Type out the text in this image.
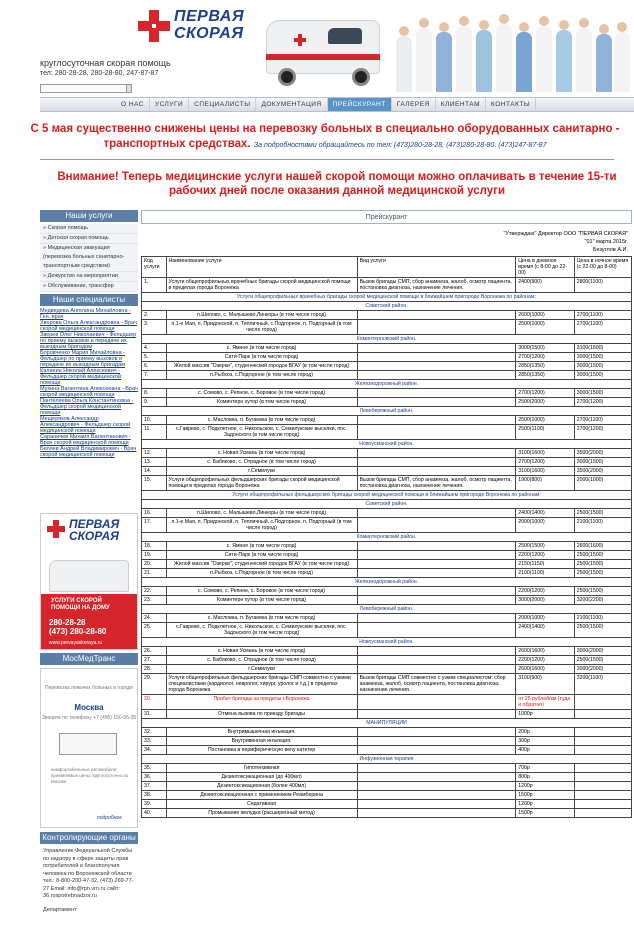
ПЕРВАЯ
СКОРАЯ
круглосуточная скорая помощь
тел: 280-28-28, 280-28-80, 247-87-87
О НАС	УСЛУГИ	СПЕЦИАЛИСТЫ	ДОКУМЕНТАЦИЯ	ПРЕЙСКУРАНТ	ГАЛЕРЕЯ	КЛИЕНТАМ	КОНТАКТЫ
С 5 мая существенно снижены цены на перевозку больных в специально оборудованных санитарно - транспортных средствах. За подробностями обращайтесь по тел: (473)280-28-28, (473)280-28-80, (473)247-87-87
Внимание! Теперь медицинские услуги нашей скорой помощи можно оплачивать в течение 15-ти рабочих дней после оказания данной медицинской услуги
Наши услуги
» Скорая помощь
» Детская скорая помощь
» Медицинская эвакуация (перевозка больных санитарно-транспортным средством)
» Дежурство на мероприятии
» Обслуживание, трансфер
Наши специалисты
Медведева Ангелина Михайловна - Ген. врач
Хворова Ольга Александровна - Врач скорой медицинской помощи
Зверев Олег Николаевич - Фельдшер по приему вызовов и передаче их выездным бригадам
Боровченко Мария Михайловна - Фельдшер по приему вызовов и передаче их выездным бригадам
Калинин Николай Алексеевич - Фельдшер скорой медицинской помощи
Мухина Валентина Алексеевна - Врач скорой медицинской помощи
Пантелеева Ольга Константиновна - Фельдшер скорой медицинской помощи
Мещеряков Александр Александрович - Фельдшер скорой медицинской помощи
Сараничев Михаил Валентинович - Врач скорой медицинской помощи
Беляев Андрей Владимирович - Врач скорой медицинской помощи
ПЕРВАЯ
СКОРАЯ
УСЛУГИ СКОРОЙ ПОМОЩИ НА ДОМУ
280-28-28
(473) 280-28-80
www.pervayaskoraya.ru
МосМедТранс
Перевозка лежачих больных в городе
Москва
Звоните по телефону +7 (495) 150-55-35
комфортабельные автомобили; приемлемые цены; круглосуточно по Москве
подробнее
Контролирующие органы
Управление Федеральной Службы по надзору в сфере защиты прав потребителей и благополучия человека по Воронежской области тел.: 8-800-200-47-32, (473) 269-77-27 Email: info@rpn.vrn.ru сайт: 36.rospotrebnadzor.ru
Департамент
Прейскурант
"Утверждаю" Директор ООО "ПЕРВАЯ СКОРАЯ"
"01" марта 2015г.
Безуглов А.И.
Код услуги	Наименование услуги	Вид услуги	Цена в дневное время (с 8-00 до 22-00)	Цена в ночное время (с 22-00 до 8-00)
1.	Услуги общепрофильных врачебных бригады скорой медицинской помощи в пределах города Воронежа	Вызов бригады СМП, сбор анамнеза, жалоб, осмотр пациента, постановка диагноза, назначение лечения.	2400(900)	2800(1100)
Услуги общепрофильных врачебных бригады скорой медицинской помощи в ближайшем пригороде Воронежа по районам:				
Советский район.				
2.	п.Шилово, с. Малышево,Линкоры (в том числе город)		2600(1000)	2700(1100)
3.	п.1-е Мая, п. Придонской, п. Тепличный, с.Подгорное, п. Подгорный (в том числе город)		2500(1000)	2700(1100)
Коминтерновский район.				
4.	с. Ямное (в том числе город)		3000(1500)	3100(1600)
5.	Сити-Парк (в том числе город)		2700(1200)	3000(1500)
6.	Жилой массив "Озерки", студенческий городок ВГАУ (в том числе город)		2850(1350)	3000(1500)
7.	п.Рыбхоз, с.Подгорное (в том числе город)		2850(1350)	3000(1500)
Железнодорожный район.				
8.	с. Сомово, с. Репное, с. Боровое (в том числе город)		2700(1200)	3000(1500)
9.	Коминтерн хутор (в том числе город)		2500(2000)	2700(1200)
Левобережный район.				
10.	с. Масловка, п. Бугаевка (в том числе город)		2500(1000)	2700(1100)
11.	с.Гаврево, с. Подклетное, с. Никольское, с. Семилукские выселки, пос. Задонского (в том числе город)		2500(1100)	2700(1200)
Новоусманский район.				
12.	с. Новая Усмань (в том числе город)		3100(1600)	3500(2000)
13.	с. Бабяково, с. Отрадное (в том числе город)		2700(1200)	3000(1500)
14.	г.Семилуки		3100(1600)	3500(2000)
15.	Услуги общепрофильных фельдшерских бригады скорой медицинской помощи в пределах города Воронежа	Вызов бригады СМП, сбор анамнеза, жалоб, осмотр пациента, постановка диагноза, назначение лечения.	1900(800)	2000(1000)
Услуги общепрофильных фельдшерских бригады скорой медицинской помощи в ближайшем пригороде Воронежа по районам:				
Советский район.				
16.	п.Шилово, с. Малышево,Линкоры (в том числе город)		2400(1400)	2500(1500)
17.	п.1-е Мая, п. Придонской, п. Тепличный, с.Подгорное, п. Подгорный (в том числе город)		2000(1000)	2100(1100)
Коминтерновский район.				
18.	с. Ямное (в том числе город)		2500(1500)	2600(1600)
19.	Сити-Парк (в том числе город)		2200(1200)	2500(1500)
20.	Жилой массив "Озерки", студенческий городок ВГАУ (в том числе город)		2150(1150)	2500(1500)
21.	п.Рыбхоз, с.Подгорное (в том числе город)		2100(1100)	2500(1500)
Железнодорожный район.				
22.	с. Сомово, с. Репное, с. Боровое (в том числе город)		2200(1200)	2500(1500)
23.	Коминтерн хутор (в том числе город)		3000(2000)	3200(2200)
Левобережный район.				
24.	с. Масловка, п. Бугаевка (в том числе город)		2000(1000)	2100(1100)
25.	с.Гаврево, с. Подклетное, с. Никольское, с. Семилукские выселки, пос. Задонского (в том числе город)		2400(1400)	2500(1500)
Новоусманский район.				
26.	с. Новая Усмань (в том числе город)		2600(1600)	3000(2000)
27.	с. Бабяково, с. Отрадное (в том числе город)		2200(1200)	2500(1500)
28.	г.Семилуки		2600(1600)	3000(2000)
29.	Услуги общепрофильных фельдшерских бригады СМП совместно с узкими специалистами (кардиолог, невролог, хирург, уролог и т.д.) в пределах города Воронежа	Вызов бригады СМП совместно с узким специалистом: сбор анамнеза, жалоб, осмотр пациента, постановка диагноза, назначение лечения.	3100(900)	3200(1100)
30.	Пробег бригады за пределы г.Воронежа		от 25 рублей/км (туда и обратно)	
31.	Отмена вызова по приезду бригады		1000р	
МАНИПУЛЯЦИИ				
32.	Внутримышечная инъекция.		200р	
33.	Внутривенная инъекция.		300р	
34.	Постановка в периферическую вену катетер		400р	
Инфузионная терапия				
35.	Гипотензивная		700р	
36.	Дезинтоксикационная (до 400мл)		800р	
37.	Дезинтоксикационная (более 400мл)		1200р	
38.	Дезинтоксикационная с применением Реамберина		1500р	
39.	Седативная		1200р	
40.	Промывание желудка (расширенный метод)		1500р	
